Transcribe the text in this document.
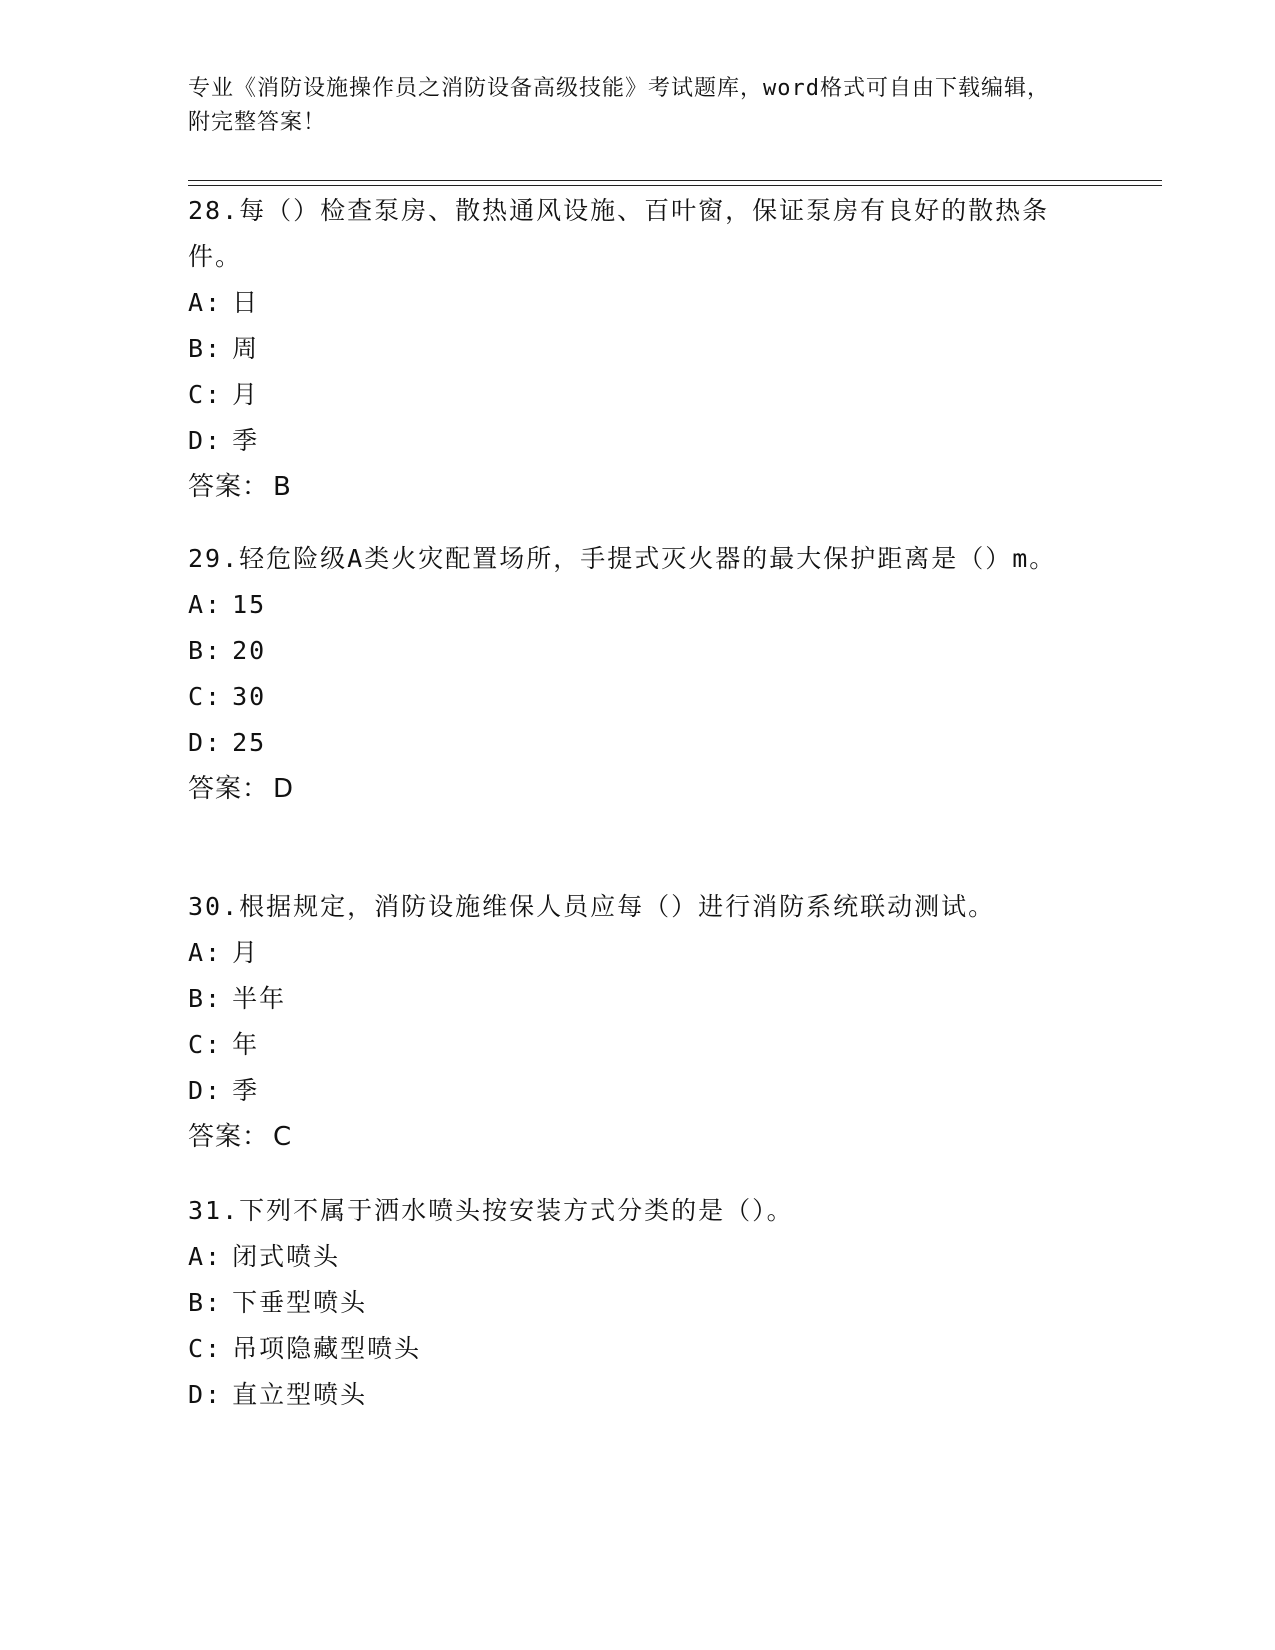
专业《消防设施操作员之消防设备高级技能》考试题库，word格式可自由下载编辑，附完整答案！

28.每（）检查泵房、散热通风设施、百叶窗，保证泵房有良好的散热条件。

A: 日
B: 周
C: 月
D: 季
答案： B

29.轻危险级A类火灾配置场所，手提式灭火器的最大保护距离是（）m。

A: 15
B: 20
C: 30
D: 25
答案： D

30.根据规定，消防设施维保人员应每（）进行消防系统联动测试。

A: 月
B: 半年
C: 年
D: 季
答案： C

31.下列不属于洒水喷头按安装方式分类的是（）。

A: 闭式喷头
B: 下垂型喷头
C: 吊项隐藏型喷头
D: 直立型喷头
